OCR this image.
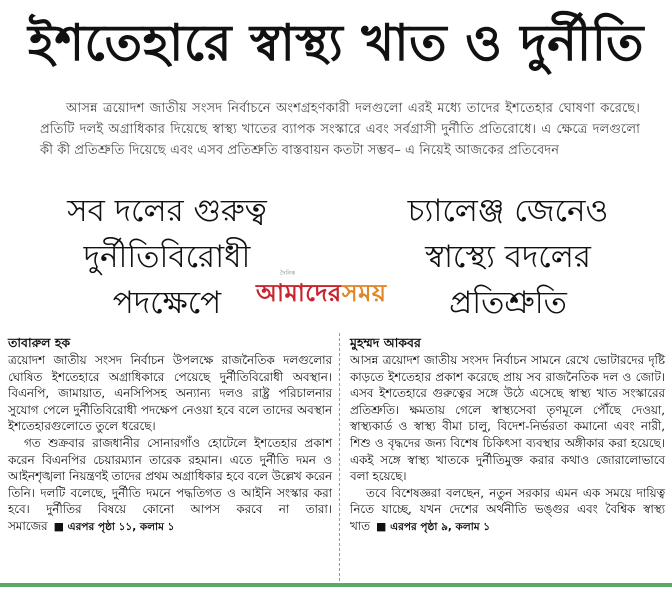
ইশতেহারে স্বাস্থ্য খাত ও দুর্নীতি

আসন্ন ত্রয়োদশ জাতীয় সংসদ নির্বাচনে অংশগ্রহণকারী দলগুলো এরই মধ্যে তাদের ইশতেহার ঘোষণা করেছে। প্রতিটি দলই অগ্রাধিকার দিয়েছে স্বাস্থ্য খাতের ব্যাপক সংস্কারে এবং সর্বগ্রাসী দুর্নীতি প্রতিরোধে। এ ক্ষেত্রে দলগুলো কী কী প্রতিশ্রুতি দিয়েছে এবং এসব প্রতিশ্রুতি বাস্তবায়ন কতটা সম্ভব– এ নিয়েই আজকের প্রতিবেদন

সব দলের গুরুত্ব
দুর্নীতিবিরোধী
পদক্ষেপে
চ্যালেঞ্জ জেনেও
স্বাস্থ্যে বদলের
প্রতিশ্রুতি
দৈনিক
আমাদেরসময়
তাবারুল হক

ত্রয়োদশ জাতীয় সংসদ নির্বাচন উপলক্ষে রাজনৈতিক দলগুলোর ঘোষিত ইশতেহারে অগ্রাধিকারে পেয়েছে দুর্নীতিবিরোধী অবস্থান। বিএনপি, জামায়াত, এনসিপিসহ অন্যান্য দলও রাষ্ট্র পরিচালনার সুযোগ পেলে দুর্নীতিবিরোধী পদক্ষেপ নেওয়া হবে বলে তাদের অবস্থান ইশতেহারগুলোতে তুলে ধরেছে।

গত শুক্রবার রাজধানীর সোনারগাঁও হোটেলে ইশতেহার প্রকাশ করেন বিএনপির চেয়ারম্যান তারেক রহমান। এতে দুর্নীতি দমন ও আইনশৃঙ্খলা নিয়ন্ত্রণই তাদের প্রথম অগ্রাধিকার হবে বলে উল্লেখ করেন তিনি। দলটি বলেছে, দুর্নীতি দমনে পদ্ধতিগত ও আইনি সংস্কার করা হবে। দুর্নীতির বিষয়ে কোনো আপস করবে না তারা। সমাজের ■ এরপর পৃষ্ঠা ১১, কলাম ১

মুহম্মদ আকবর

আসন্ন ত্রয়োদশ জাতীয় সংসদ নির্বাচন সামনে রেখে ভোটারদের দৃষ্টি কাড়তে ইশতেহার প্রকাশ করেছে প্রায় সব রাজনৈতিক দল ও জোট। এসব ইশতেহারে গুরুত্বের সঙ্গে উঠে এসেছে স্বাস্থ্য খাত সংস্কারের প্রতিশ্রুতি। ক্ষমতায় গেলে স্বাস্থ্যসেবা তৃণমূলে পৌঁছে দেওয়া, স্বাস্থ্যকার্ড ও স্বাস্থ্য বীমা চালু, বিদেশ-নির্ভরতা কমানো এবং নারী, শিশু ও বৃদ্ধদের জন্য বিশেষ চিকিৎসা ব্যবস্থার অঙ্গীকার করা হয়েছে। একই সঙ্গে স্বাস্থ্য খাতকে দুর্নীতিমুক্ত করার কথাও জোরালোভাবে বলা হয়েছে।

তবে বিশেষজ্ঞরা বলছেন, নতুন সরকার এমন এক সময়ে দায়িত্ব নিতে যাচ্ছে, যখন দেশের অর্থনীতি ভঙ্গুর এবং বৈশ্বিক স্বাস্থ্য খাত ■ এরপর পৃষ্ঠা ৯, কলাম ১
